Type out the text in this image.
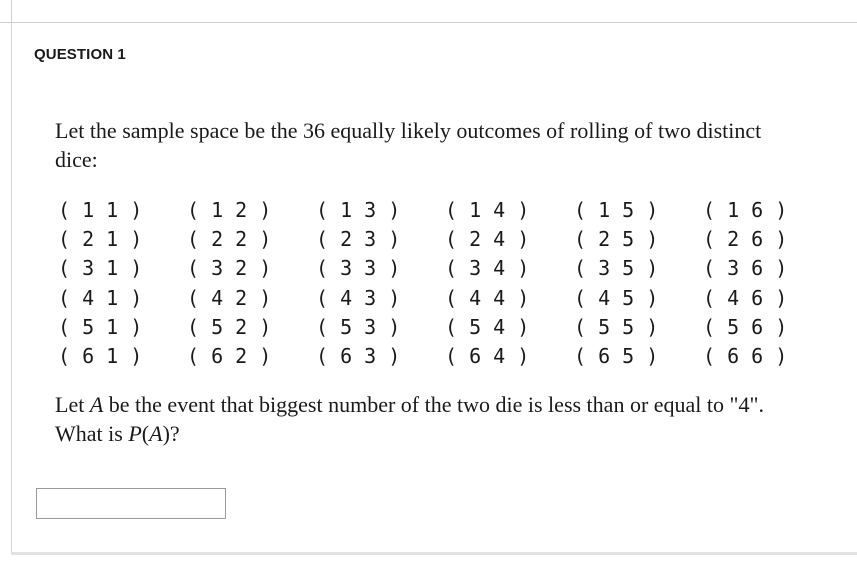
QUESTION 1
Let the sample space be the 36 equally likely outcomes of rolling of two distinct dice:
( 1 1 )	( 1 2 )	( 1 3 )	( 1 4 )	( 1 5 )	( 1 6 )
( 2 1 )	( 2 2 )	( 2 3 )	( 2 4 )	( 2 5 )	( 2 6 )
( 3 1 )	( 3 2 )	( 3 3 )	( 3 4 )	( 3 5 )	( 3 6 )
( 4 1 )	( 4 2 )	( 4 3 )	( 4 4 )	( 4 5 )	( 4 6 )
( 5 1 )	( 5 2 )	( 5 3 )	( 5 4 )	( 5 5 )	( 5 6 )
( 6 1 )	( 6 2 )	( 6 3 )	( 6 4 )	( 6 5 )	( 6 6 )
Let A be the event that biggest number of the two die is less than or equal to "4". What is P(A)?
